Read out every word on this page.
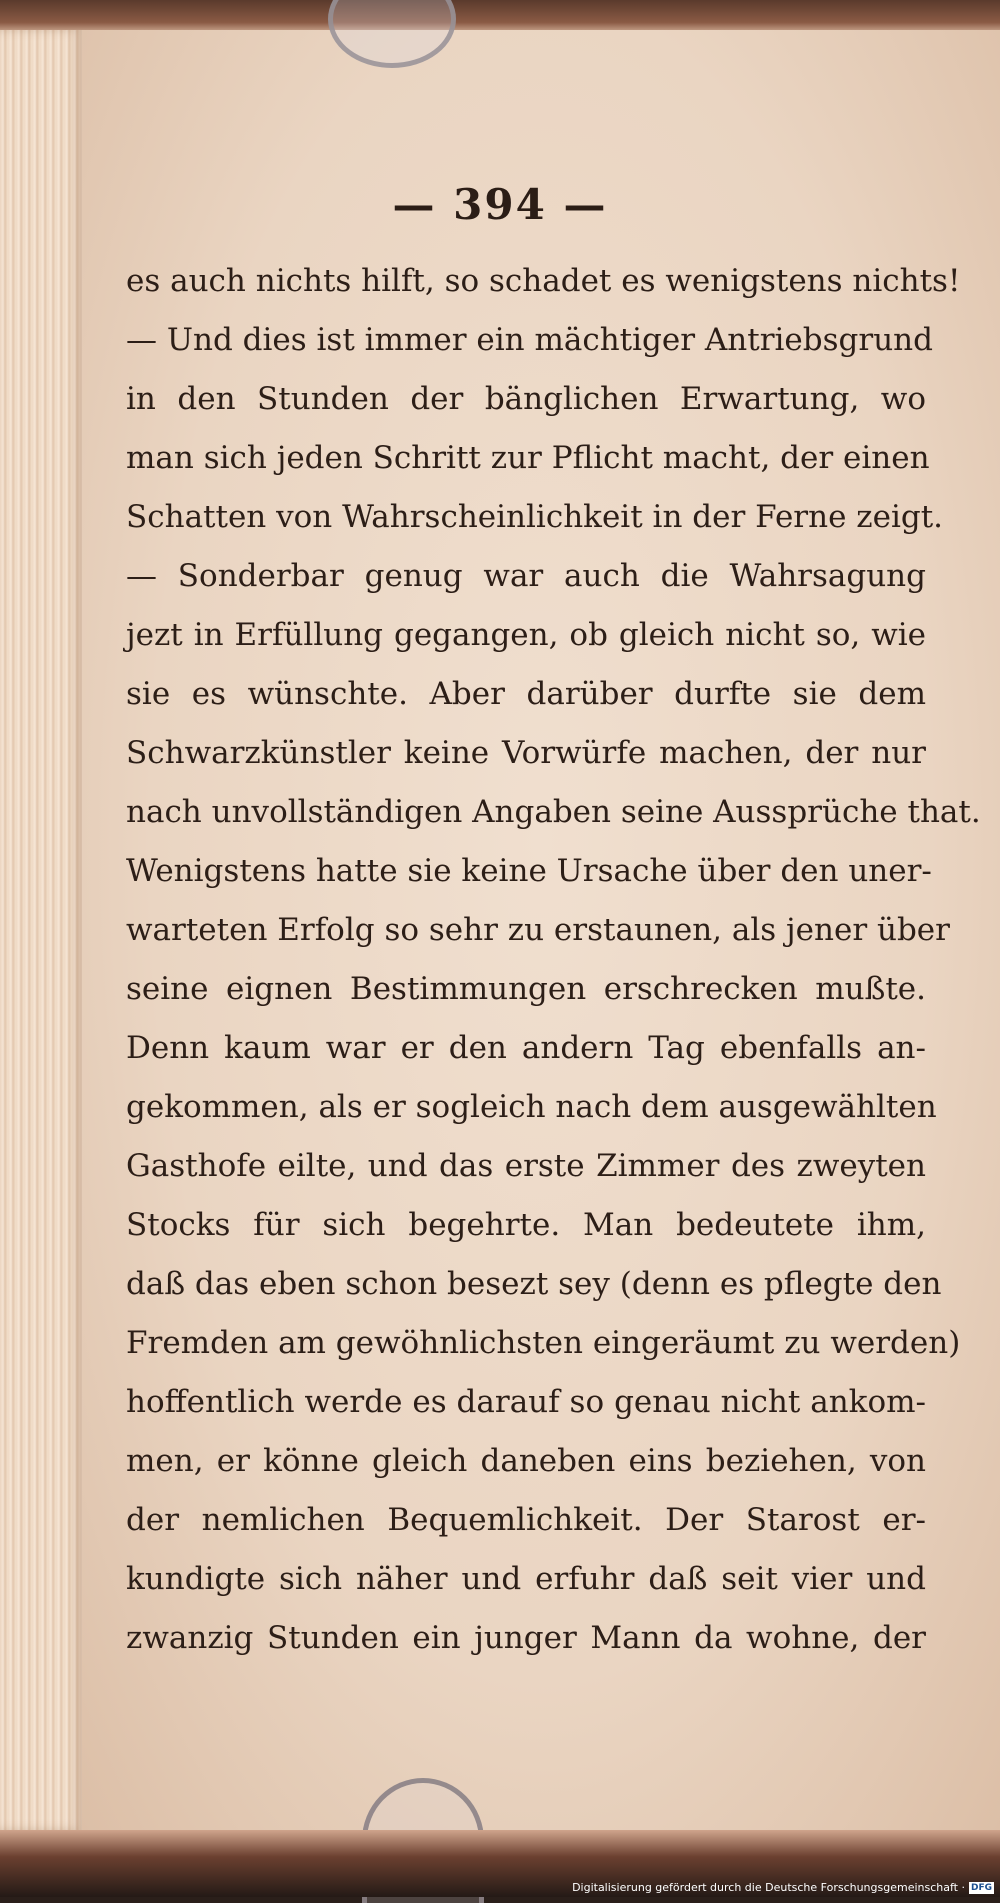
— 394 —
es auch nichts hilft, so schadet es wenigstens nichts!
— Und dies ist immer ein mächtiger Antriebsgrund
in den Stunden der bänglichen Erwartung, wo
man sich jeden Schritt zur Pflicht macht, der einen
Schatten von Wahrscheinlichkeit in der Ferne zeigt.
— Sonderbar genug war auch die Wahrsagung
jezt in Erfüllung gegangen, ob gleich nicht so, wie
sie es wünschte. Aber darüber durfte sie dem
Schwarzkünstler keine Vorwürfe machen, der nur
nach unvollständigen Angaben seine Aussprüche that.
Wenigstens hatte sie keine Ursache über den uner-
warteten Erfolg so sehr zu erstaunen, als jener über
seine eignen Bestimmungen erschrecken mußte.
Denn kaum war er den andern Tag ebenfalls an-
gekommen, als er sogleich nach dem ausgewählten
Gasthofe eilte, und das erste Zimmer des zweyten
Stocks für sich begehrte. Man bedeutete ihm,
daß das eben schon besezt sey (denn es pflegte den
Fremden am gewöhnlichsten eingeräumt zu werden)
hoffentlich werde es darauf so genau nicht ankom-
men, er könne gleich daneben eins beziehen, von
der nemlichen Bequemlichkeit. Der Starost er-
kundigte sich näher und erfuhr daß seit vier und
zwanzig Stunden ein junger Mann da wohne, der
Digitalisierung gefördert durch die Deutsche Forschungsgemeinschaft · DFG
